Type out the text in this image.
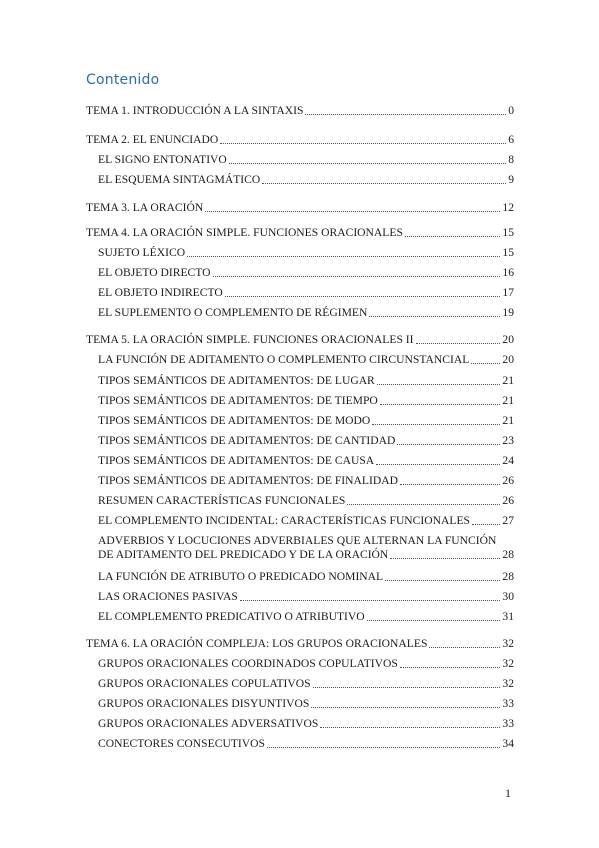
Contenido
TEMA 1. INTRODUCCIÓN A LA SINTAXIS	0
TEMA 2. EL ENUNCIADO	6
EL SIGNO ENTONATIVO	8
EL ESQUEMA SINTAGMÁTICO	9
TEMA 3. LA ORACIÓN	12
TEMA 4. LA ORACIÓN SIMPLE. FUNCIONES ORACIONALES	15
SUJETO LÉXICO	15
EL OBJETO DIRECTO	16
EL OBJETO INDIRECTO	17
EL SUPLEMENTO O COMPLEMENTO DE RÉGIMEN	19
TEMA 5. LA ORACIÓN SIMPLE. FUNCIONES ORACIONALES II	20
LA FUNCIÓN DE ADITAMENTO O COMPLEMENTO CIRCUNSTANCIAL	20
TIPOS SEMÁNTICOS DE ADITAMENTOS: DE LUGAR	21
TIPOS SEMÁNTICOS DE ADITAMENTOS: DE TIEMPO	21
TIPOS SEMÁNTICOS DE ADITAMENTOS: DE MODO	21
TIPOS SEMÁNTICOS DE ADITAMENTOS: DE CANTIDAD	23
TIPOS SEMÁNTICOS DE ADITAMENTOS: DE CAUSA	24
TIPOS SEMÁNTICOS DE ADITAMENTOS: DE FINALIDAD	26
RESUMEN CARACTERÍSTICAS FUNCIONALES	26
EL COMPLEMENTO INCIDENTAL: CARACTERÍSTICAS FUNCIONALES	27
ADVERBIOS Y LOCUCIONES ADVERBIALES QUE ALTERNAN LA FUNCIÓN
DE ADITAMENTO DEL PREDICADO Y DE LA ORACIÓN	28
LA FUNCIÓN DE ATRIBUTO O PREDICADO NOMINAL	28
LAS ORACIONES PASIVAS	30
EL COMPLEMENTO PREDICATIVO O ATRIBUTIVO	31
TEMA 6. LA ORACIÓN COMPLEJA: LOS GRUPOS ORACIONALES	32
GRUPOS ORACIONALES COORDINADOS COPULATIVOS	32
GRUPOS ORACIONALES COPULATIVOS	32
GRUPOS ORACIONALES DISYUNTIVOS	33
GRUPOS ORACIONALES ADVERSATIVOS	33
CONECTORES CONSECUTIVOS	34
1
